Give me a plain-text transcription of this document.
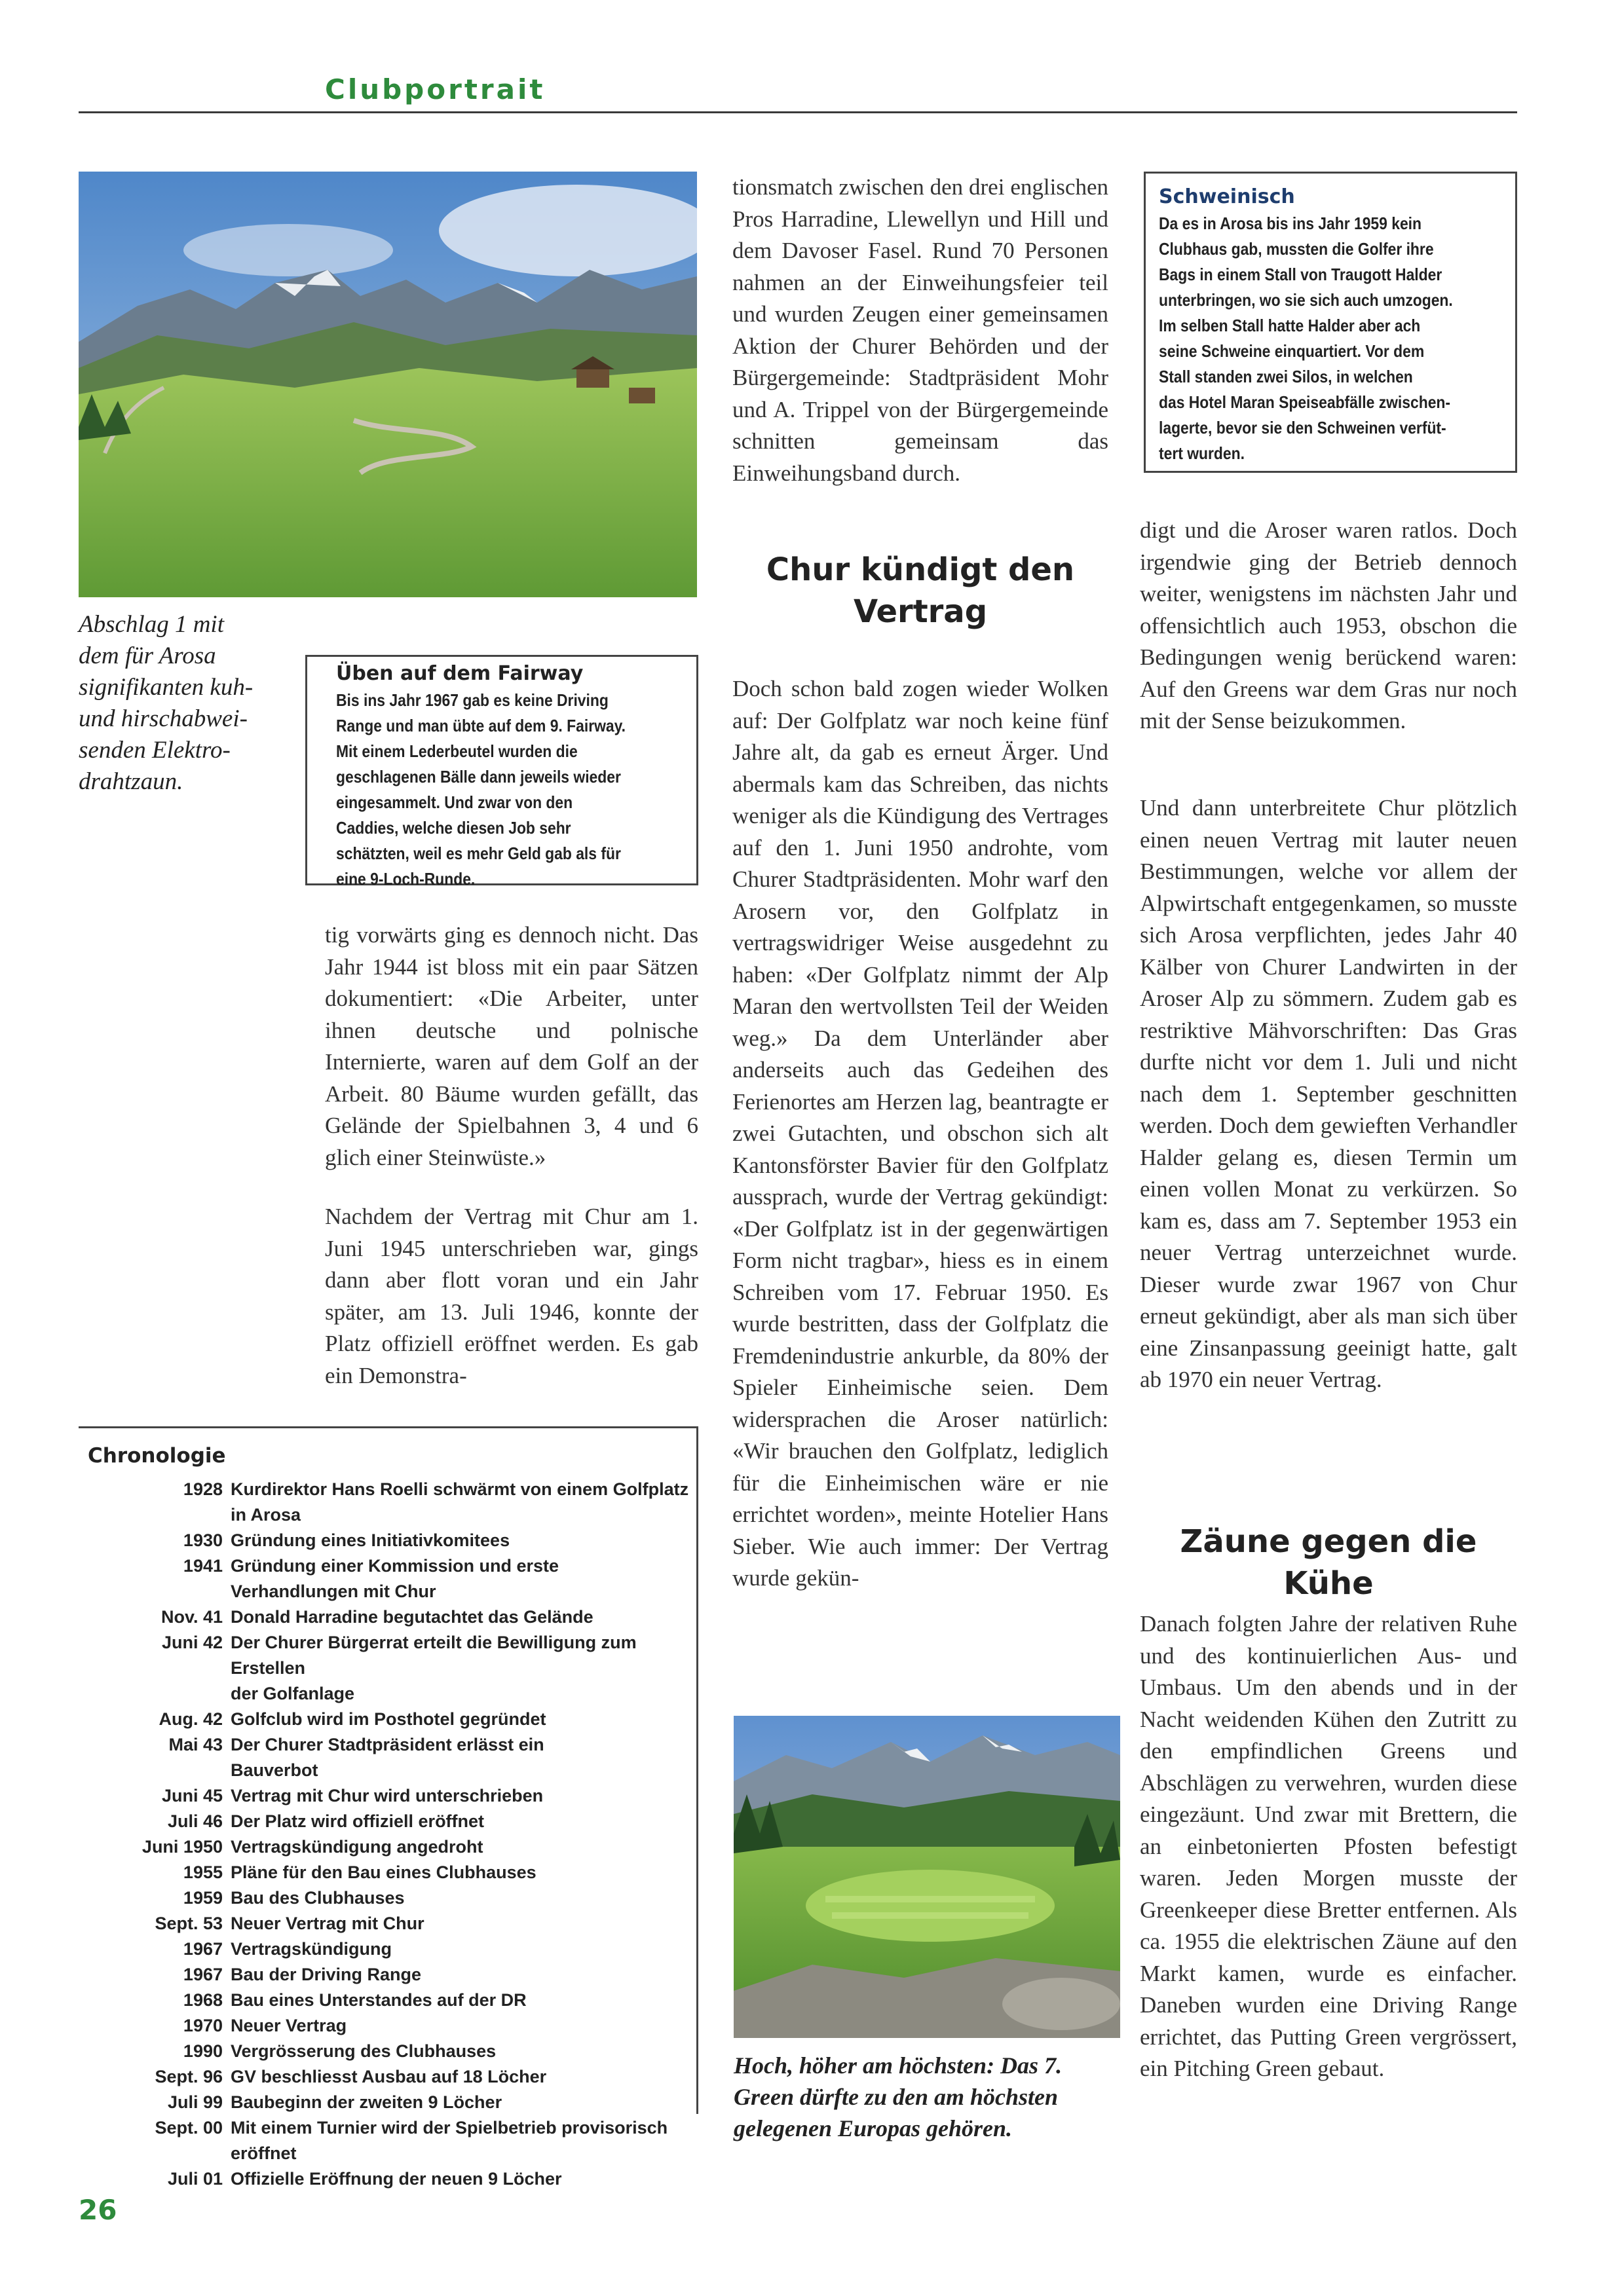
Clubportrait
Abschlag 1 mit
dem für Arosa
signifikanten kuh-
und hirschabwei-
senden Elektro-
drahtzaun.
Üben auf dem Fairway
Bis ins Jahr 1967 gab es keine Driving
Range und man übte auf dem 9. Fairway.
Mit einem Lederbeutel wurden die
geschlagenen Bälle dann jeweils wieder
eingesammelt. Und zwar von den
Caddies, welche diesen Job sehr
schätzten, weil es mehr Geld gab als für
eine 9-Loch-Runde.
tig vorwärts ging es dennoch nicht. Das Jahr 1944 ist bloss mit ein paar Sätzen dokumentiert: «Die Arbeiter, unter ihnen deutsche und polnische Internierte, waren auf dem Golf an der Arbeit. 80 Bäume wurden gefällt, das Gelände der Spielbahnen 3, 4 und 6 glich einer Steinwüste.»
Nachdem der Vertrag mit Chur am 1. Juni 1945 unterschrieben war, gings dann aber flott voran und ein Jahr später, am 13. Juli 1946, konnte der Platz offiziell eröffnet werden. Es gab ein Demonstra-
tionsmatch zwischen den drei englischen Pros Harradine, Llewellyn und Hill und dem Davoser Fasel. Rund 70 Personen nahmen an der Einweihungsfeier teil und wurden Zeugen einer gemeinsamen Aktion der Churer Behörden und der Bürgergemeinde: Stadtpräsident Mohr und A. Trippel von der Bürgergemeinde schnitten gemeinsam das Einweihungsband durch.
Chur kündigt den
Vertrag
Doch schon bald zogen wieder Wolken auf: Der Golfplatz war noch keine fünf Jahre alt, da gab es erneut Ärger. Und abermals kam das Schreiben, das nichts weniger als die Kündigung des Vertrages auf den 1. Juni 1950 androhte, vom Churer Stadtpräsidenten. Mohr warf den Arosern vor, den Golfplatz in vertragswidriger Weise ausgedehnt zu haben: «Der Golfplatz nimmt der Alp Maran den wertvollsten Teil der Weiden weg.» Da dem Unterländer aber anderseits auch das Gedeihen des Ferienortes am Herzen lag, beantragte er zwei Gutachten, und obschon sich alt Kantonsförster Bavier für den Golfplatz aussprach, wurde der Vertrag gekündigt: «Der Golfplatz ist in der gegenwärtigen Form nicht tragbar», hiess es in einem Schreiben vom 17. Februar 1950. Es wurde bestritten, dass der Golfplatz die Fremdenindustrie ankurble, da 80% der Spieler Einheimische seien. Dem widersprachen die Aroser natürlich: «Wir brauchen den Golfplatz, lediglich für die Einheimischen wäre er nie errichtet worden», meinte Hotelier Hans Sieber. Wie auch immer: Der Vertrag wurde gekün-
Schweinisch
Da es in Arosa bis ins Jahr 1959 kein
Clubhaus gab, mussten die Golfer ihre
Bags in einem Stall von Traugott Halder
unterbringen, wo sie sich auch umzogen.
Im selben Stall hatte Halder aber ach
seine Schweine einquartiert. Vor dem
Stall standen zwei Silos, in welchen
das Hotel Maran Speiseabfälle zwischen-
lagerte, bevor sie den Schweinen verfüt-
tert wurden.
digt und die Aroser waren ratlos. Doch irgendwie ging der Betrieb dennoch weiter, wenigstens im nächsten Jahr und offensichtlich auch 1953, obschon die Bedingungen wenig berückend waren: Auf den Greens war dem Gras nur noch mit der Sense beizukommen.
Und dann unterbreitete Chur plötzlich einen neuen Vertrag mit lauter neuen Bestimmungen, welche vor allem der Alpwirtschaft entgegenkamen, so musste sich Arosa verpflichten, jedes Jahr 40 Kälber von Churer Landwirten in der Aroser Alp zu sömmern. Zudem gab es restriktive Mähvorschriften: Das Gras durfte nicht vor dem 1. Juli und nicht nach dem 1. September geschnitten werden. Doch dem gewieften Verhandler Halder gelang es, diesen Termin um einen vollen Monat zu verkürzen. So kam es, dass am 7. September 1953 ein neuer Vertrag unterzeichnet wurde. Dieser wurde zwar 1967 von Chur erneut gekündigt, aber als man sich über eine Zinsanpassung geeinigt hatte, galt ab 1970 ein neuer Vertrag.
Zäune gegen die Kühe
Danach folgten Jahre der relativen Ruhe und des kontinuierlichen Aus- und Umbaus. Um den abends und in der Nacht weidenden Kühen den Zutritt zu den empfindlichen Greens und Abschlägen zu verwehren, wurden diese eingezäunt. Und zwar mit Brettern, die an einbetonierten Pfosten befestigt waren. Jeden Morgen musste der Greenkeeper diese Bretter entfernen. Als ca. 1955 die elektrischen Zäune auf den Markt kamen, wurde es einfacher. Daneben wurden eine Driving Range errichtet, das Putting Green vergrössert, ein Pitching Green gebaut.
Chronologie
1928 Kurdirektor Hans Roelli schwärmt von einem Golfplatz in Arosa
1930 Gründung eines Initiativkomitees
1941 Gründung einer Kommission und erste Verhandlungen mit Chur
Nov. 41 Donald Harradine begutachtet das Gelände
Juni 42 Der Churer Bürgerrat erteilt die Bewilligung zum Erstellen
der Golfanlage
Aug. 42 Golfclub wird im Posthotel gegründet
Mai 43 Der Churer Stadtpräsident erlässt ein
Bauverbot
Juni 45 Vertrag mit Chur wird unterschrieben
Juli 46 Der Platz wird offiziell eröffnet
Juni 1950 Vertragskündigung angedroht
1955 Pläne für den Bau eines Clubhauses
1959 Bau des Clubhauses
Sept. 53 Neuer Vertrag mit Chur
1967 Vertragskündigung
1967 Bau der Driving Range
1968 Bau eines Unterstandes auf der DR
1970 Neuer Vertrag
1990 Vergrösserung des Clubhauses
Sept. 96 GV beschliesst Ausbau auf 18 Löcher
Juli 99 Baubeginn der zweiten 9 Löcher
Sept. 00 Mit einem Turnier wird der Spielbetrieb provisorisch eröffnet
Juli 01 Offizielle Eröffnung der neuen 9 Löcher
Hoch, höher am höchsten: Das 7. Green dürfte zu den am höchsten gelegenen Europas gehören.
26
